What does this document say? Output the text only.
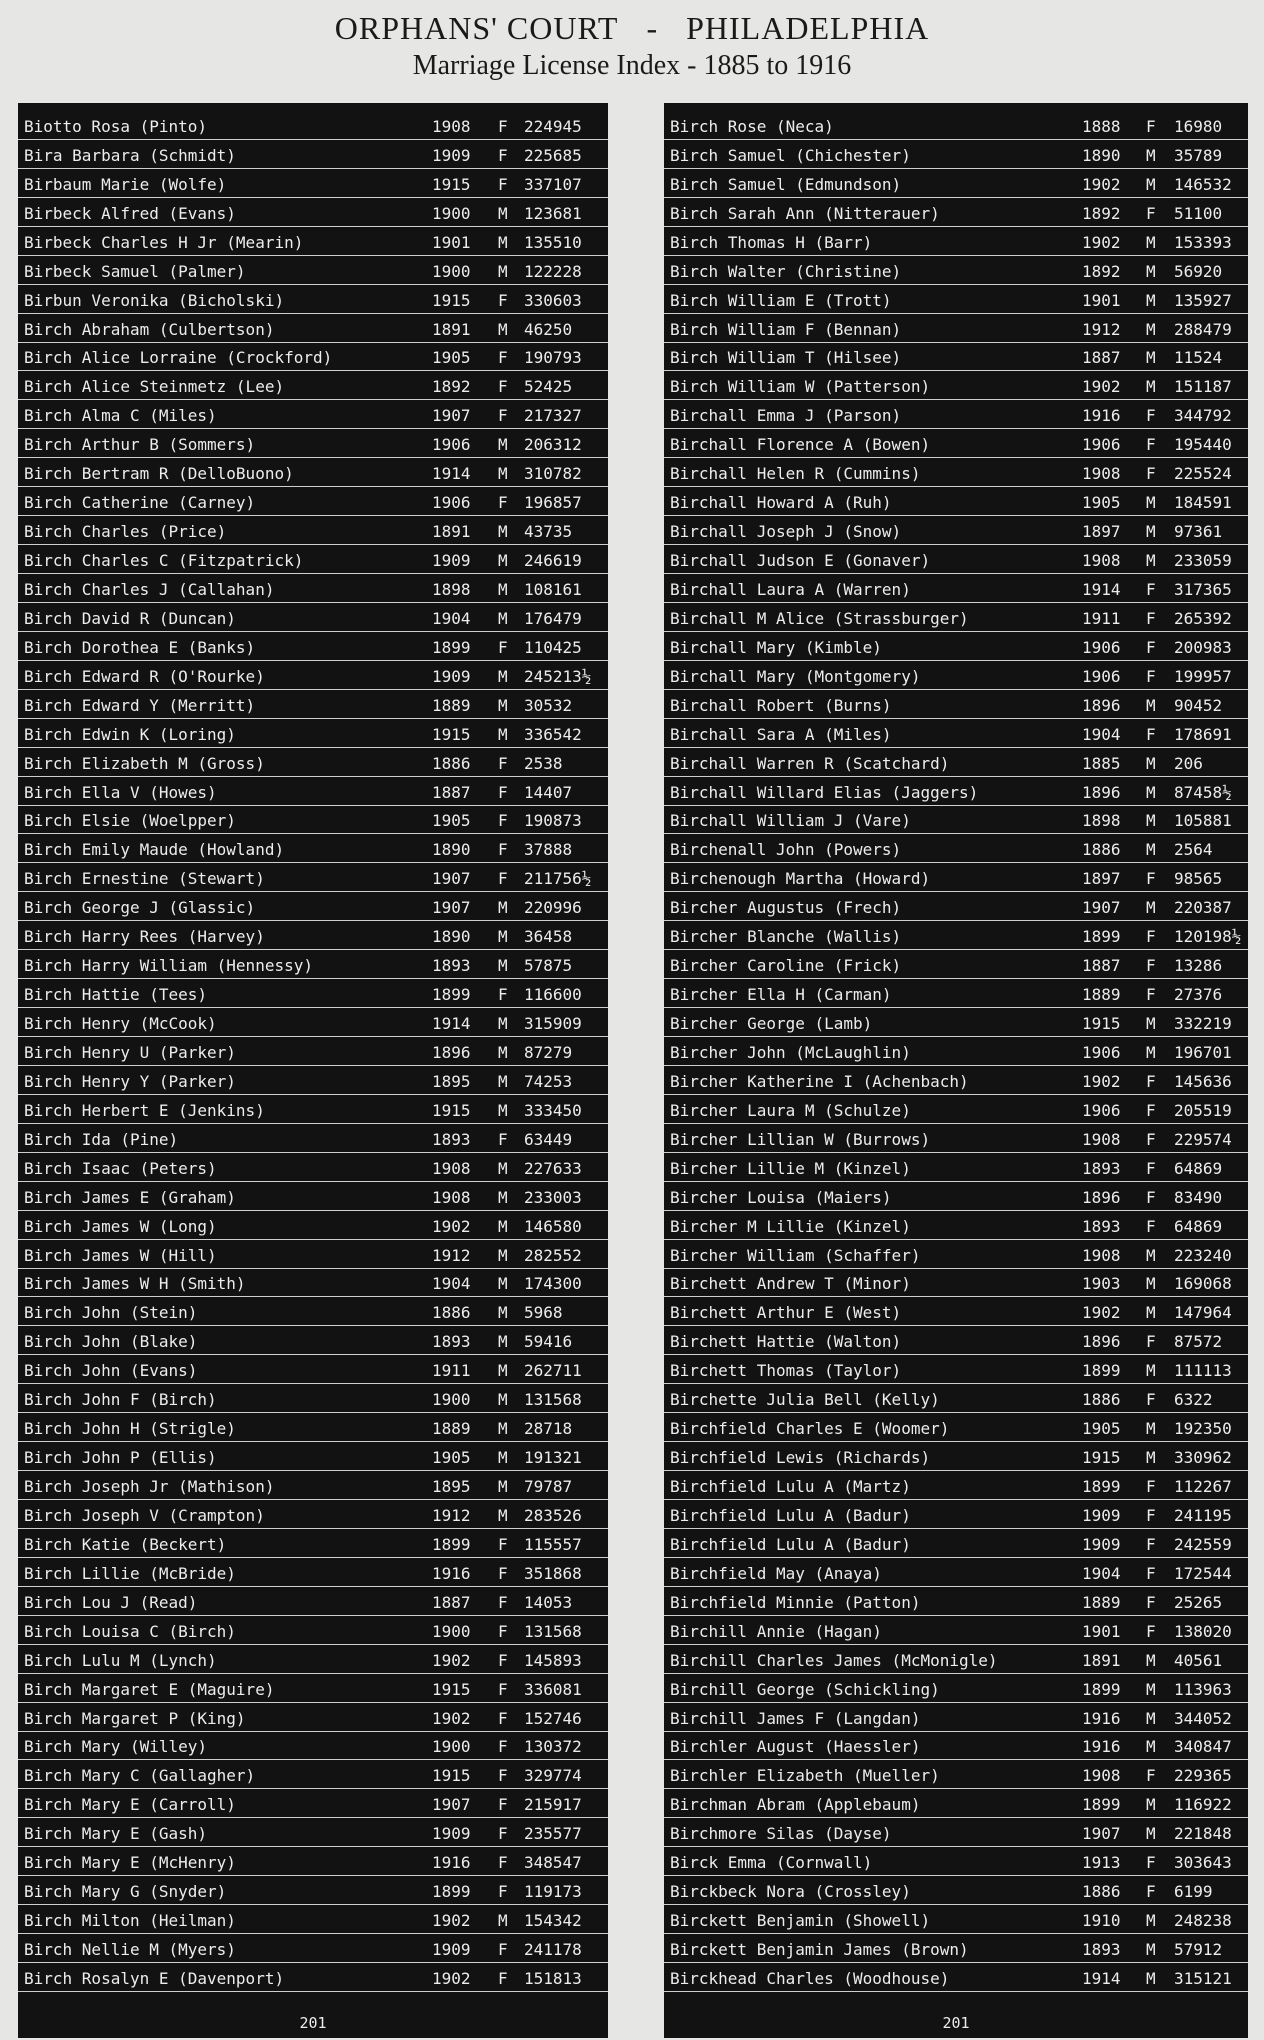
ORPHANS' COURT - PHILADELPHIA
Marriage License Index - 1885 to 1916
Biotto Rosa (Pinto)	1908 F 224945
Bira Barbara (Schmidt)	1909 F 225685
Birbaum Marie (Wolfe)	1915 F 337107
Birbeck Alfred (Evans)	1900 M 123681
Birbeck Charles H Jr (Mearin)	1901 M 135510
Birbeck Samuel (Palmer)	1900 M 122228
Birbun Veronika (Bicholski)	1915 F 330603
Birch Abraham (Culbertson)	1891 M 46250
Birch Alice Lorraine (Crockford)	1905 F 190793
Birch Alice Steinmetz (Lee)	1892 F 52425
Birch Alma C (Miles)	1907 F 217327
Birch Arthur B (Sommers)	1906 M 206312
Birch Bertram R (DelloBuono)	1914 M 310782
Birch Catherine (Carney)	1906 F 196857
Birch Charles (Price)	1891 M 43735
Birch Charles C (Fitzpatrick)	1909 M 246619
Birch Charles J (Callahan)	1898 M 108161
Birch David R (Duncan)	1904 M 176479
Birch Dorothea E (Banks)	1899 F 110425
Birch Edward R (O'Rourke)	1909 M 245213½
Birch Edward Y (Merritt)	1889 M 30532
Birch Edwin K (Loring)	1915 M 336542
Birch Elizabeth M (Gross)	1886 F 2538
Birch Ella V (Howes)	1887 F 14407
Birch Elsie (Woelpper)	1905 F 190873
Birch Emily Maude (Howland)	1890 F 37888
Birch Ernestine (Stewart)	1907 F 211756½
Birch George J (Glassic)	1907 M 220996
Birch Harry Rees (Harvey)	1890 M 36458
Birch Harry William (Hennessy)	1893 M 57875
Birch Hattie (Tees)	1899 F 116600
Birch Henry (McCook)	1914 M 315909
Birch Henry U (Parker)	1896 M 87279
Birch Henry Y (Parker)	1895 M 74253
Birch Herbert E (Jenkins)	1915 M 333450
Birch Ida (Pine)	1893 F 63449
Birch Isaac (Peters)	1908 M 227633
Birch James E (Graham)	1908 M 233003
Birch James W (Long)	1902 M 146580
Birch James W (Hill)	1912 M 282552
Birch James W H (Smith)	1904 M 174300
Birch John (Stein)	1886 M 5968
Birch John (Blake)	1893 M 59416
Birch John (Evans)	1911 M 262711
Birch John F (Birch)	1900 M 131568
Birch John H (Strigle)	1889 M 28718
Birch John P (Ellis)	1905 M 191321
Birch Joseph Jr (Mathison)	1895 M 79787
Birch Joseph V (Crampton)	1912 M 283526
Birch Katie (Beckert)	1899 F 115557
Birch Lillie (McBride)	1916 F 351868
Birch Lou J (Read)	1887 F 14053
Birch Louisa C (Birch)	1900 F 131568
Birch Lulu M (Lynch)	1902 F 145893
Birch Margaret E (Maguire)	1915 F 336081
Birch Margaret P (King)	1902 F 152746
Birch Mary (Willey)	1900 F 130372
Birch Mary C (Gallagher)	1915 F 329774
Birch Mary E (Carroll)	1907 F 215917
Birch Mary E (Gash)	1909 F 235577
Birch Mary E (McHenry)	1916 F 348547
Birch Mary G (Snyder)	1899 F 119173
Birch Milton (Heilman)	1902 M 154342
Birch Nellie M (Myers)	1909 F 241178
Birch Rosalyn E (Davenport)	1902 F 151813
201
Birch Rose (Neca)	1888 F 16980
Birch Samuel (Chichester)	1890 M 35789
Birch Samuel (Edmundson)	1902 M 146532
Birch Sarah Ann (Nitterauer)	1892 F 51100
Birch Thomas H (Barr)	1902 M 153393
Birch Walter (Christine)	1892 M 56920
Birch William E (Trott)	1901 M 135927
Birch William F (Bennan)	1912 M 288479
Birch William T (Hilsee)	1887 M 11524
Birch William W (Patterson)	1902 M 151187
Birchall Emma J (Parson)	1916 F 344792
Birchall Florence A (Bowen)	1906 F 195440
Birchall Helen R (Cummins)	1908 F 225524
Birchall Howard A (Ruh)	1905 M 184591
Birchall Joseph J (Snow)	1897 M 97361
Birchall Judson E (Gonaver)	1908 M 233059
Birchall Laura A (Warren)	1914 F 317365
Birchall M Alice (Strassburger)	1911 F 265392
Birchall Mary (Kimble)	1906 F 200983
Birchall Mary (Montgomery)	1906 F 199957
Birchall Robert (Burns)	1896 M 90452
Birchall Sara A (Miles)	1904 F 178691
Birchall Warren R (Scatchard)	1885 M 206
Birchall Willard Elias (Jaggers)	1896 M 87458½
Birchall William J (Vare)	1898 M 105881
Birchenall John (Powers)	1886 M 2564
Birchenough Martha (Howard)	1897 F 98565
Bircher Augustus (Frech)	1907 M 220387
Bircher Blanche (Wallis)	1899 F 120198½
Bircher Caroline (Frick)	1887 F 13286
Bircher Ella H (Carman)	1889 F 27376
Bircher George (Lamb)	1915 M 332219
Bircher John (McLaughlin)	1906 M 196701
Bircher Katherine I (Achenbach)	1902 F 145636
Bircher Laura M (Schulze)	1906 F 205519
Bircher Lillian W (Burrows)	1908 F 229574
Bircher Lillie M (Kinzel)	1893 F 64869
Bircher Louisa (Maiers)	1896 F 83490
Bircher M Lillie (Kinzel)	1893 F 64869
Bircher William (Schaffer)	1908 M 223240
Birchett Andrew T (Minor)	1903 M 169068
Birchett Arthur E (West)	1902 M 147964
Birchett Hattie (Walton)	1896 F 87572
Birchett Thomas (Taylor)	1899 M 111113
Birchette Julia Bell (Kelly)	1886 F 6322
Birchfield Charles E (Woomer)	1905 M 192350
Birchfield Lewis (Richards)	1915 M 330962
Birchfield Lulu A (Martz)	1899 F 112267
Birchfield Lulu A (Badur)	1909 F 241195
Birchfield Lulu A (Badur)	1909 F 242559
Birchfield May (Anaya)	1904 F 172544
Birchfield Minnie (Patton)	1889 F 25265
Birchill Annie (Hagan)	1901 F 138020
Birchill Charles James (McMonigle)	1891 M 40561
Birchill George (Schickling)	1899 M 113963
Birchill James F (Langdan)	1916 M 344052
Birchler August (Haessler)	1916 M 340847
Birchler Elizabeth (Mueller)	1908 F 229365
Birchman Abram (Applebaum)	1899 M 116922
Birchmore Silas (Dayse)	1907 M 221848
Birck Emma (Cornwall)	1913 F 303643
Birckbeck Nora (Crossley)	1886 F 6199
Birckett Benjamin (Showell)	1910 M 248238
Birckett Benjamin James (Brown)	1893 M 57912
Birckhead Charles (Woodhouse)	1914 M 315121
201
